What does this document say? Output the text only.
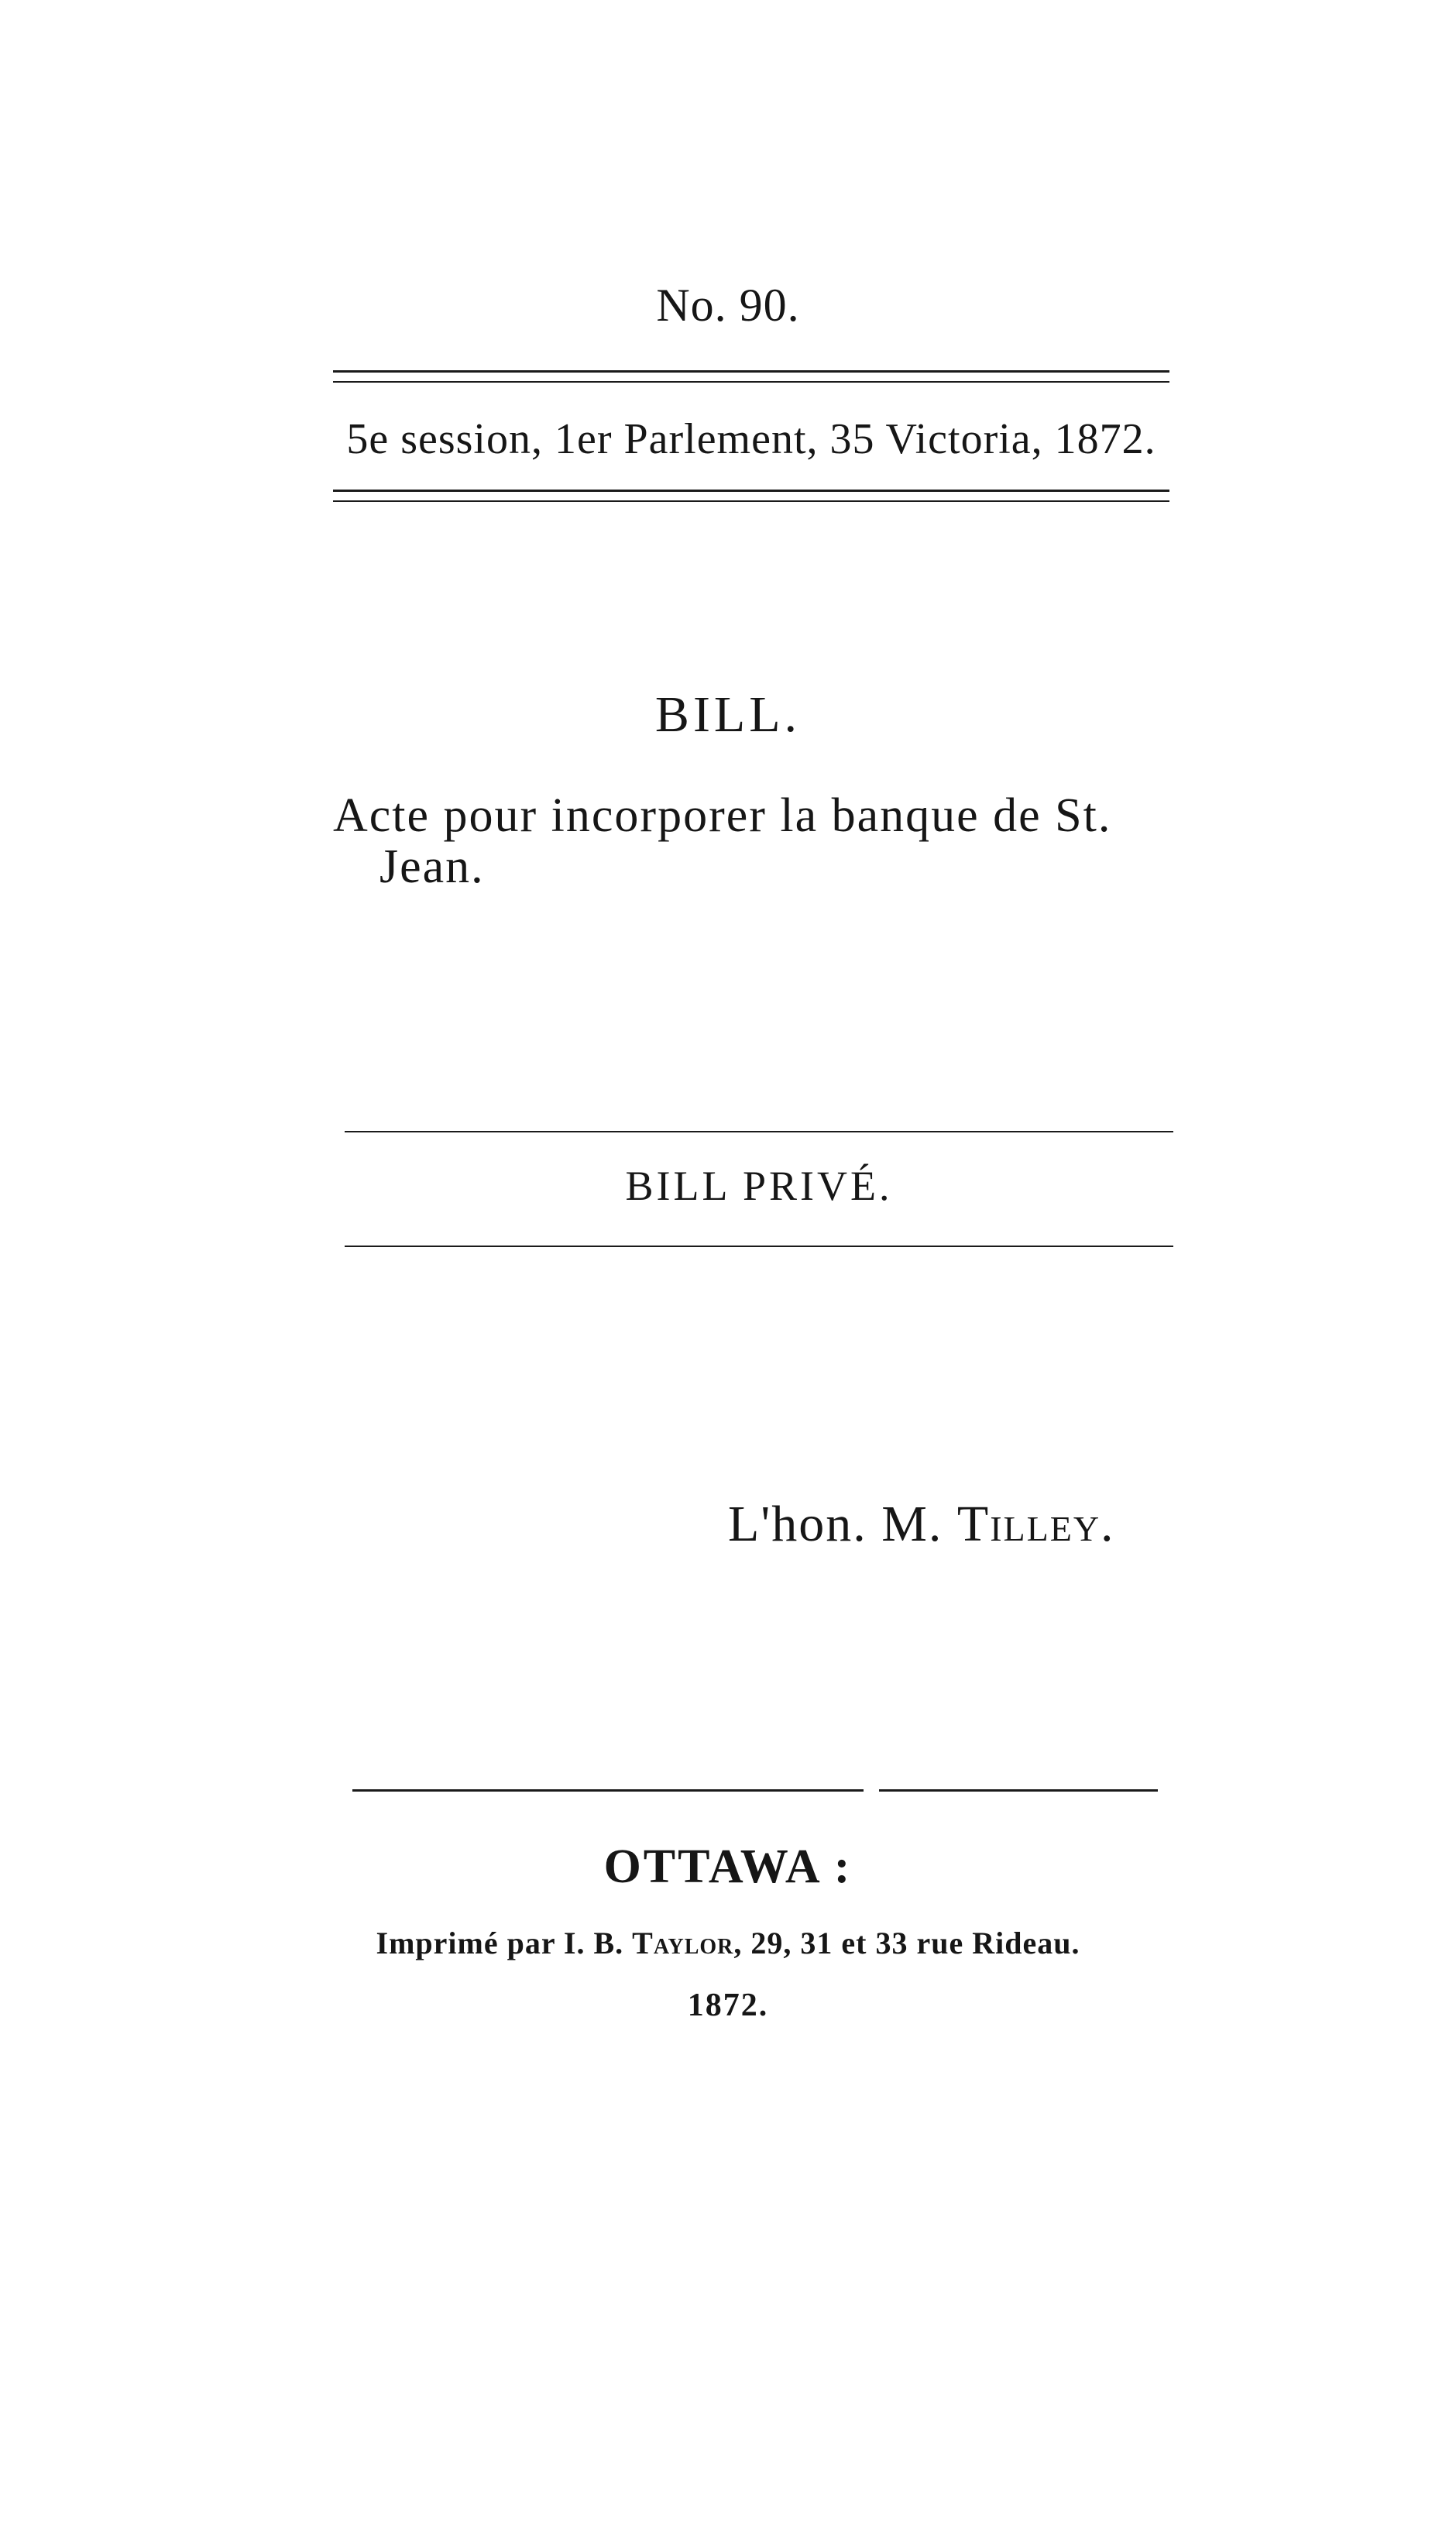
No. 90.
5e session, 1er Parlement, 35 Victoria, 1872.
BILL.
Acte pour incorporer la banque de St.
Jean.
BILL PRIVÉ.
L'hon. M. Tilley.
OTTAWA :
Imprimé par I. B. Taylor, 29, 31 et 33 rue Rideau.
1872.
